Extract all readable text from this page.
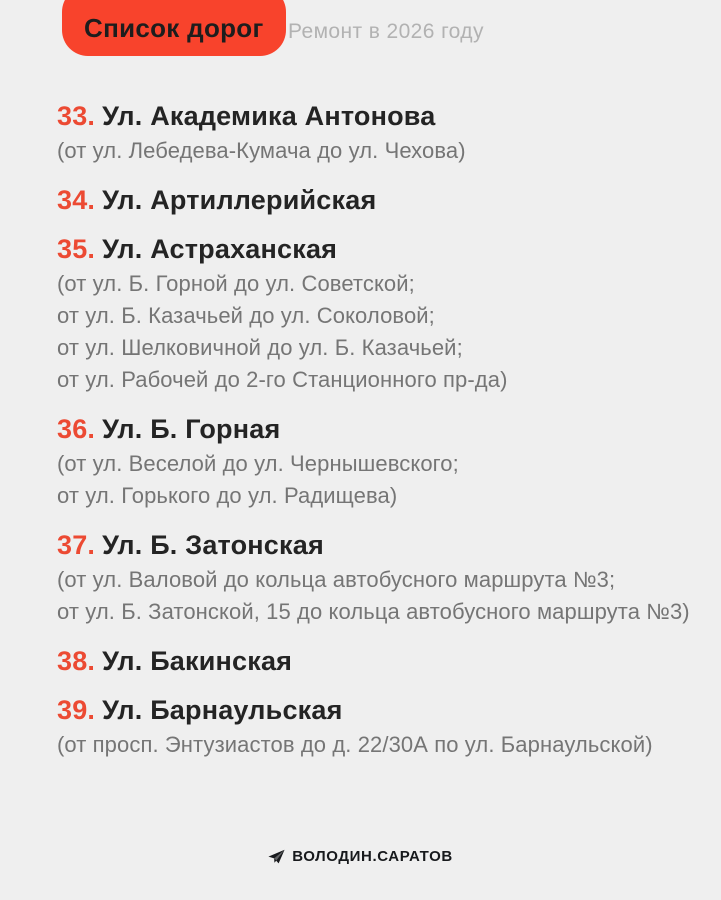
Список дорог Ремонт в 2026 году
33. Ул. Академика Антонова

(от ул. Лебедева-Кумача до ул. Чехова)

34. Ул. Артиллерийская
35. Ул. Астраханская

(от ул. Б. Горной до ул. Советской;

от ул. Б. Казачьей до ул. Соколовой;

от ул. Шелковичной до ул. Б. Казачьей;

от ул. Рабочей до 2-го Станционного пр-да)

36. Ул. Б. Горная

(от ул. Веселой до ул. Чернышевского;

от ул. Горького до ул. Радищева)

37. Ул. Б. Затонская

(от ул. Валовой до кольца автобусного маршрута №3;

от ул. Б. Затонской, 15 до кольца автобусного маршрута №3)

38. Ул. Бакинская
39. Ул. Барнаульская

(от просп. Энтузиастов до д. 22/30А по ул. Барнаульской)

ВОЛОДИН.САРАТОВ
